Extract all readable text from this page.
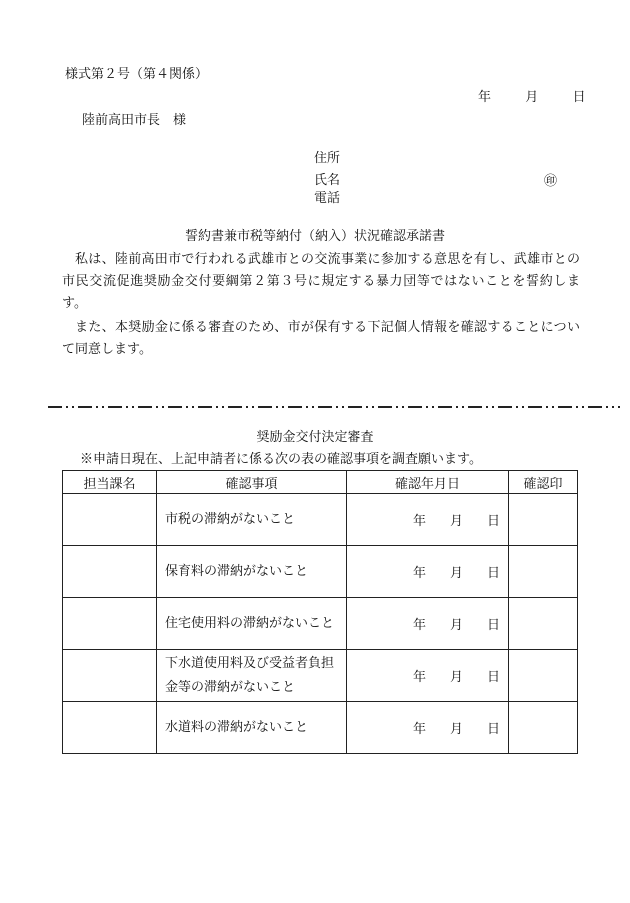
様式第２号（第４関係）
年	月	日
陸前高田市長　様
住所
氏名
電話
㊞
誓約書兼市税等納付（納入）状況確認承諾書
私は、陸前高田市で行われる武雄市との交流事業に参加する意思を有し、武雄市との市民交流促進奨励金交付要綱第２第３号に規定する暴力団等ではないことを誓約します。
また、本奨励金に係る審査のため、市が保有する下記個人情報を確認することについて同意します。
奨励金交付決定審査
※申請日現在、上記申請者に係る次の表の確認事項を調査願います。
担当課名	確認事項	確認年月日	確認印

	市税の滞納がないこと	年 月 日	

	保育料の滞納がないこと	年 月 日	

	住宅使用料の滞納がないこと	年 月 日	

	下水道使用料及び受益者負担
金等の滞納がないこと	年 月 日	

	水道料の滞納がないこと	年 月 日	
